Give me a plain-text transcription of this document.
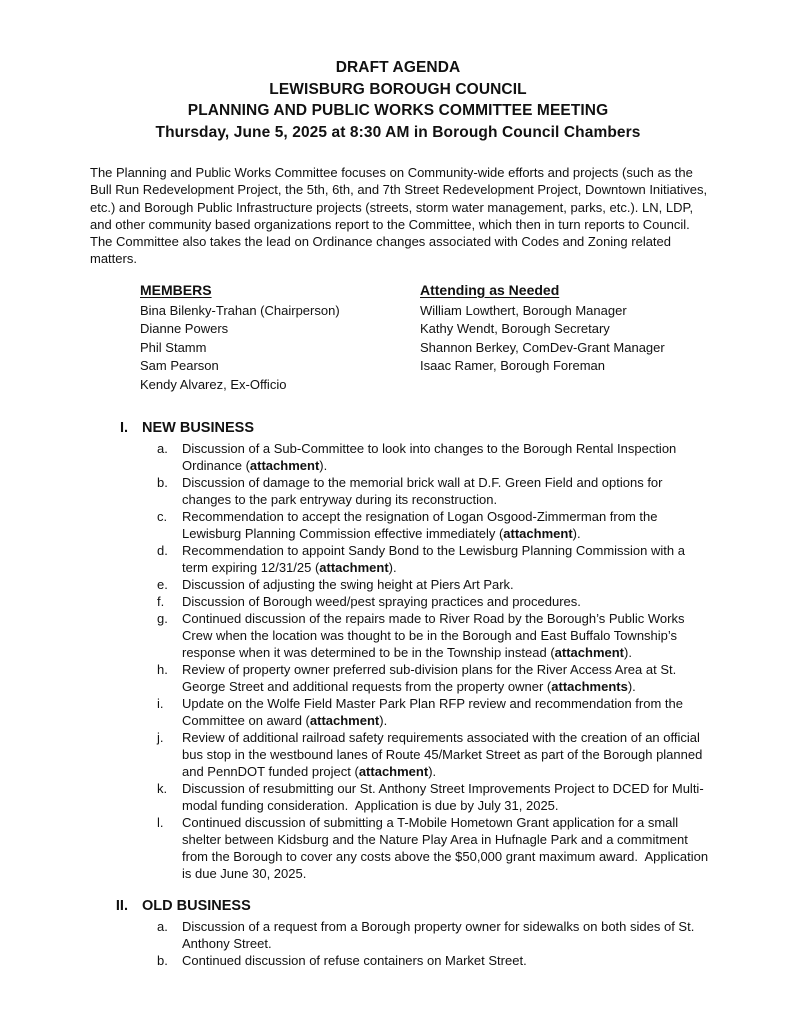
DRAFT AGENDA
LEWISBURG BOROUGH COUNCIL
PLANNING AND PUBLIC WORKS COMMITTEE MEETING
Thursday, June 5, 2025 at 8:30 AM in Borough Council Chambers

The Planning and Public Works Committee focuses on Community-wide efforts and projects (such as the Bull Run Redevelopment Project, the 5th, 6th, and 7th Street Redevelopment Project, Downtown Initiatives, etc.) and Borough Public Infrastructure projects (streets, storm water management, parks, etc.). LN, LDP, and other community based organizations report to the Committee, which then in turn reports to Council.  The Committee also takes the lead on Ordinance changes associated with Codes and Zoning related matters.

MEMBERS
Bina Bilenky-Trahan (Chairperson)
Dianne Powers
Phil Stamm
Sam Pearson
Kendy Alvarez, Ex-Officio
Attending as Needed
William Lowthert, Borough Manager
Kathy Wendt, Borough Secretary
Shannon Berkey, ComDev-Grant Manager
Isaac Ramer, Borough Foreman
I. NEW BUSINESS
a.	Discussion of a Sub-Committee to look into changes to the Borough Rental Inspection Ordinance (attachment).
b.	Discussion of damage to the memorial brick wall at D.F. Green Field and options for changes to the park entryway during its reconstruction.
c.	Recommendation to accept the resignation of Logan Osgood-Zimmerman from the Lewisburg Planning Commission effective immediately (attachment).
d.	Recommendation to appoint Sandy Bond to the Lewisburg Planning Commission with a term expiring 12/31/25 (attachment).
e.	Discussion of adjusting the swing height at Piers Art Park.
f.	Discussion of Borough weed/pest spraying practices and procedures.
g.	Continued discussion of the repairs made to River Road by the Borough’s Public Works Crew when the location was thought to be in the Borough and East Buffalo Township’s response when it was determined to be in the Township instead (attachment).
h.	Review of property owner preferred sub-division plans for the River Access Area at St. George Street and additional requests from the property owner (attachments).
i.	Update on the Wolfe Field Master Park Plan RFP review and recommendation from the Committee on award (attachment).
j.	Review of additional railroad safety requirements associated with the creation of an official bus stop in the westbound lanes of Route 45/Market Street as part of the Borough planned and PennDOT funded project (attachment).
k.	Discussion of resubmitting our St. Anthony Street Improvements Project to DCED for Multi-modal funding consideration.  Application is due by July 31, 2025.
l.	Continued discussion of submitting a T-Mobile Hometown Grant application for a small shelter between Kidsburg and the Nature Play Area in Hufnagle Park and a commitment from the Borough to cover any costs above the $50,000 grant maximum award.  Application is due June 30, 2025.
II. OLD BUSINESS
a.	Discussion of a request from a Borough property owner for sidewalks on both sides of St. Anthony Street.
b.	Continued discussion of refuse containers on Market Street.
